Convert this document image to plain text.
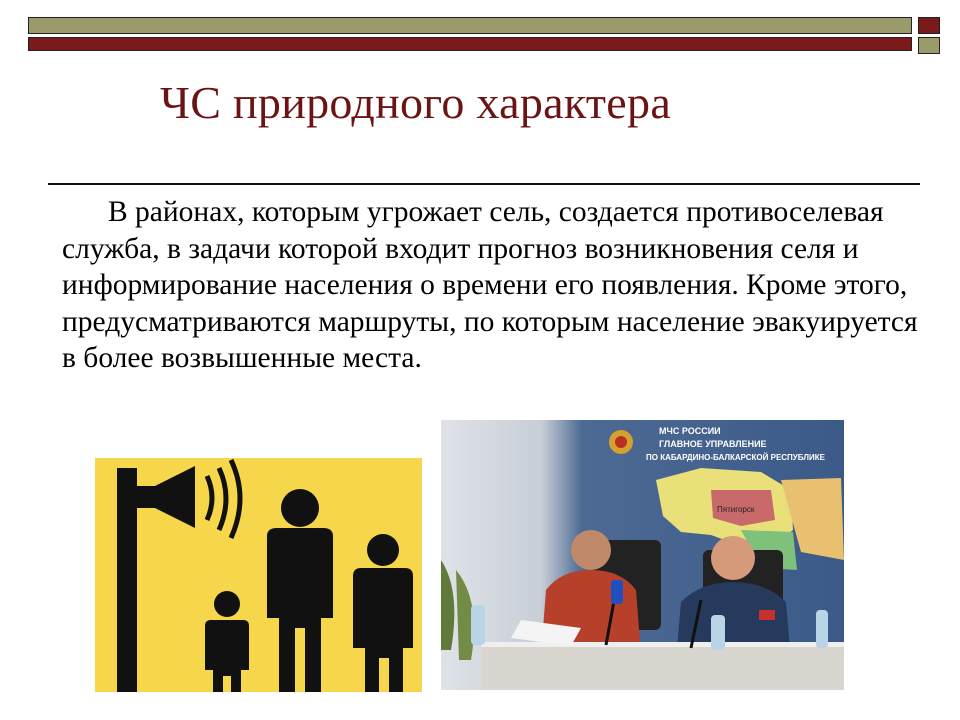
ЧС природного характера

В районах, которым угрожает сель, создается противоселевая служба, в задачи которой входит прогноз возникновения селя и информирование населения о времени его появления. Кроме этого, предусматриваются маршруты, по которым население эвакуируется в более возвышенные места.

МЧС РОССИИ
ГЛАВНОЕ УПРАВЛЕНИЕ
ПО КАБАРДИНО-БАЛКАРСКОЙ РЕСПУБЛИКЕ
Пятигорск
